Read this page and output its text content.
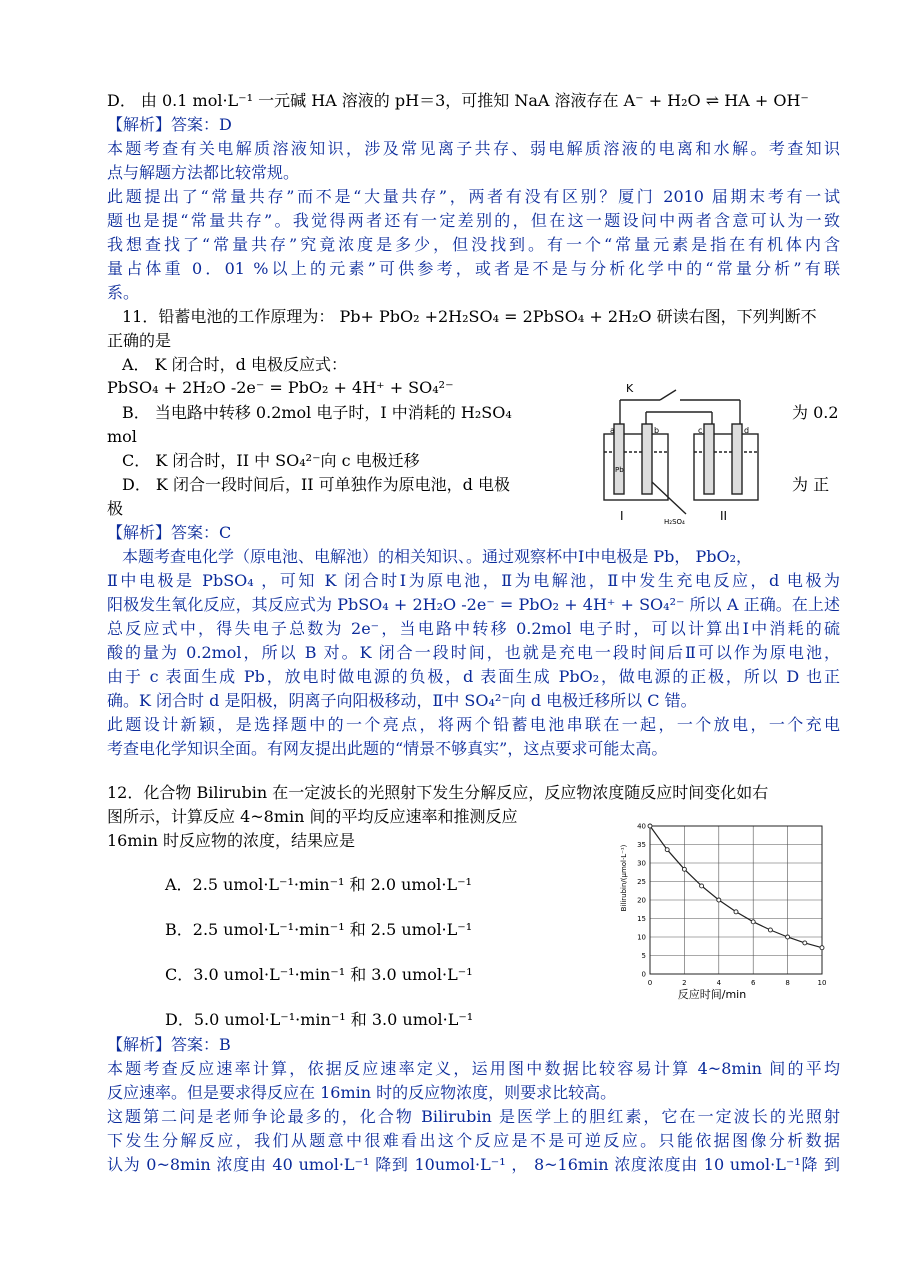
D． 由 0.1 mol·L⁻¹ 一元碱 HA 溶液的 pH＝3，可推知 NaA 溶液存在 A⁻ + H₂O ⇌ HA + OH⁻
【解析】答案：D
本题考查有关电解质溶液知识，涉及常见离子共存、弱电解质溶液的电离和水解。考查知识
点与解题方法都比较常规。
此题提出了“常量共存”而不是“大量共存”，两者有没有区别？厦门 2010 届期末考有一试
题也是提“常量共存”。我觉得两者还有一定差别的，但在这一题设问中两者含意可认为一致
我想查找了“常量共存”究竟浓度是多少，但没找到。有一个“常量元素是指在有机体内含
量占体重 0．01 %以上的元素”可供参考，或者是不是与分析化学中的“常量分析”有联
系。
11．铅蓄电池的工作原理为： Pb+ PbO₂ +2H₂SO₄ = 2PbSO₄ + 2H₂O 研读右图，下列判断不
正确的是
A． K 闭合时，d 电极反应式：
PbSO₄ + 2H₂O -2e⁻ = PbO₂ + 4H⁺ + SO₄²⁻
B． 当电路中转移 0.2mol 电子时，I 中消耗的 H₂SO₄	为 0.2
mol
C． K 闭合时，II 中 SO₄²⁻向 c 电极迁移
D． K 闭合一段时间后，II 可单独作为原电池，d 电极	为 正
极
K
a	b	c	d
Pb
I	II
H₂SO₄
【解析】答案：C
本题考查电化学（原电池、电解池）的相关知识、。通过观察杯中Ⅰ中电极是 Pb， PbO₂，
Ⅱ中电极是 PbSO₄ ，可知 K 闭合时Ⅰ为原电池，Ⅱ为电解池，Ⅱ中发生充电反应，d 电极为
阳极发生氧化反应，其反应式为 PbSO₄ + 2H₂O -2e⁻ = PbO₂ + 4H⁺ + SO₄²⁻ 所以 A 正确。在上述
总反应式中，得失电子总数为 2e⁻，当电路中转移 0.2mol 电子时，可以计算出Ⅰ中消耗的硫
酸的量为 0.2mol，所以 B 对。K 闭合一段时间，也就是充电一段时间后Ⅱ可以作为原电池，
由于 c 表面生成 Pb，放电时做电源的负极，d 表面生成 PbO₂，做电源的正极，所以 D 也正
确。K 闭合时 d 是阳极，阴离子向阳极移动，Ⅱ中 SO₄²⁻向 d 电极迁移所以 C 错。
此题设计新颖，是选择题中的一个亮点，将两个铅蓄电池串联在一起，一个放电，一个充电
考查电化学知识全面。有网友提出此题的“情景不够真实”，这点要求可能太高。
12．化合物 Bilirubin 在一定波长的光照射下发生分解反应，反应物浓度随反应时间变化如右
图所示，计算反应 4~8min 间的平均反应速率和推测反应
16min 时反应物的浓度，结果应是
A．2.5 umol·L⁻¹·min⁻¹ 和 2.0 umol·L⁻¹
B．2.5 umol·L⁻¹·min⁻¹ 和 2.5 umol·L⁻¹
C．3.0 umol·L⁻¹·min⁻¹ 和 3.0 umol·L⁻¹
D．5.0 umol·L⁻¹·min⁻¹ 和 3.0 umol·L⁻¹
0	2	4	6	8	10
0
5
10
15
20
25
30
35
40
反应时间/min
Bilirubin/(μmol·L⁻¹)
【解析】答案：B
本题考查反应速率计算，依据反应速率定义，运用图中数据比较容易计算 4~8min 间的平均
反应速率。但是要求得反应在 16min 时的反应物浓度，则要求比较高。
这题第二问是老师争论最多的，化合物 Bilirubin 是医学上的胆红素，它在一定波长的光照射
下发生分解反应，我们从题意中很难看出这个反应是不是可逆反应。只能依据图像分析数据
认为 0~8min 浓度由 40 umol·L⁻¹ 降到 10umol·L⁻¹ ， 8~16min 浓度浓度由 10 umol·L⁻¹降 到
